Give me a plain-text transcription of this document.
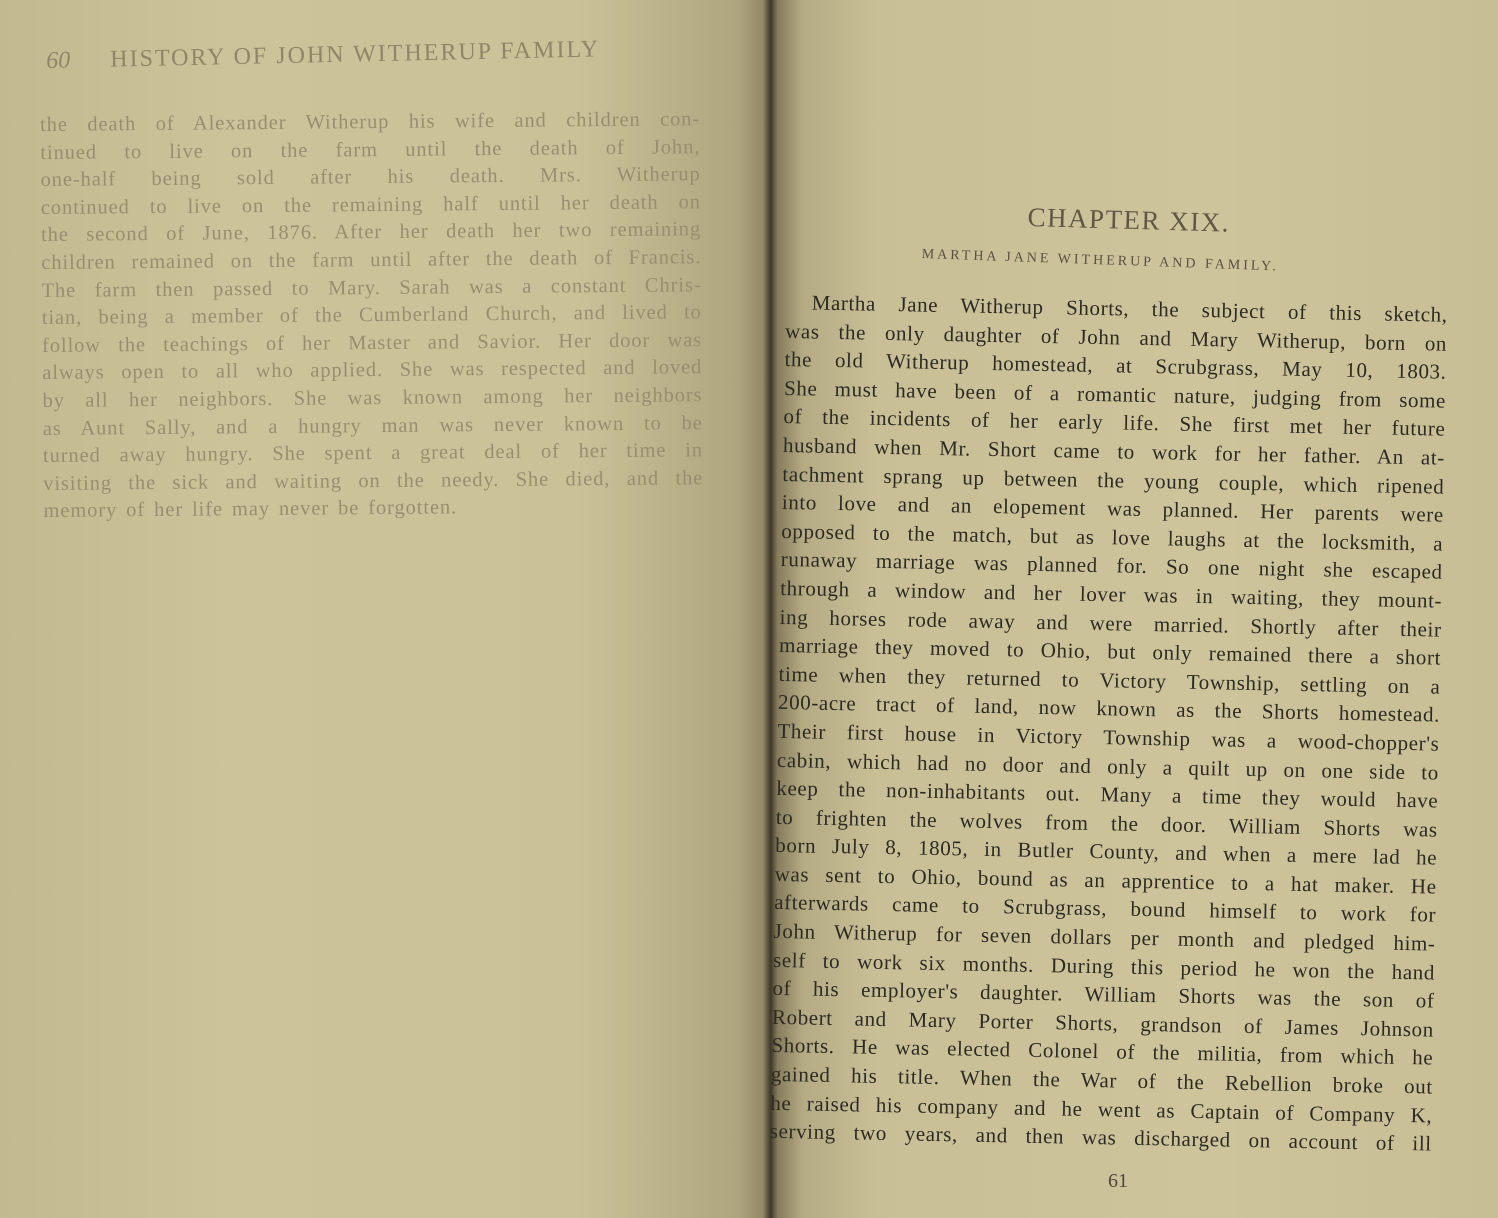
60 HISTORY OF JOHN WITHERUP FAMILY
the death of Alexander Witherup his wife and children con-
tinued to live on the farm until the death of John,
one-half being sold after his death. Mrs. Witherup
continued to live on the remaining half until her death on
the second of June, 1876. After her death her two remaining
children remained on the farm until after the death of Francis.
The farm then passed to Mary. Sarah was a constant Chris-
tian, being a member of the Cumberland Church, and lived to
follow the teachings of her Master and Savior. Her door was
always open to all who applied. She was respected and loved
by all her neighbors. She was known among her neighbors
as Aunt Sally, and a hungry man was never known to be
turned away hungry. She spent a great deal of her time in
visiting the sick and waiting on the needy. She died, and the
memory of her life may never be forgotten.
CHAPTER XIX.
MARTHA JANE WITHERUP AND FAMILY.
Martha Jane Witherup Shorts, the subject of this sketch,
was the only daughter of John and Mary Witherup, born on
the old Witherup homestead, at Scrubgrass, May 10, 1803.
She must have been of a romantic nature, judging from some
of the incidents of her early life. She first met her future
husband when Mr. Short came to work for her father. An at-
tachment sprang up between the young couple, which ripened
into love and an elopement was planned. Her parents were
opposed to the match, but as love laughs at the locksmith, a
runaway marriage was planned for. So one night she escaped
through a window and her lover was in waiting, they mount-
ing horses rode away and were married. Shortly after their
marriage they moved to Ohio, but only remained there a short
time when they returned to Victory Township, settling on a
200-acre tract of land, now known as the Shorts homestead.
Their first house in Victory Township was a wood-chopper's
cabin, which had no door and only a quilt up on one side to
keep the non-inhabitants out. Many a time they would have
to frighten the wolves from the door. William Shorts was
born July 8, 1805, in Butler County, and when a mere lad he
was sent to Ohio, bound as an apprentice to a hat maker. He
afterwards came to Scrubgrass, bound himself to work for
John Witherup for seven dollars per month and pledged him-
self to work six months. During this period he won the hand
of his employer's daughter. William Shorts was the son of
Robert and Mary Porter Shorts, grandson of James Johnson
Shorts. He was elected Colonel of the militia, from which he
gained his title. When the War of the Rebellion broke out
he raised his company and he went as Captain of Company K,
serving two years, and then was discharged on account of ill
61
